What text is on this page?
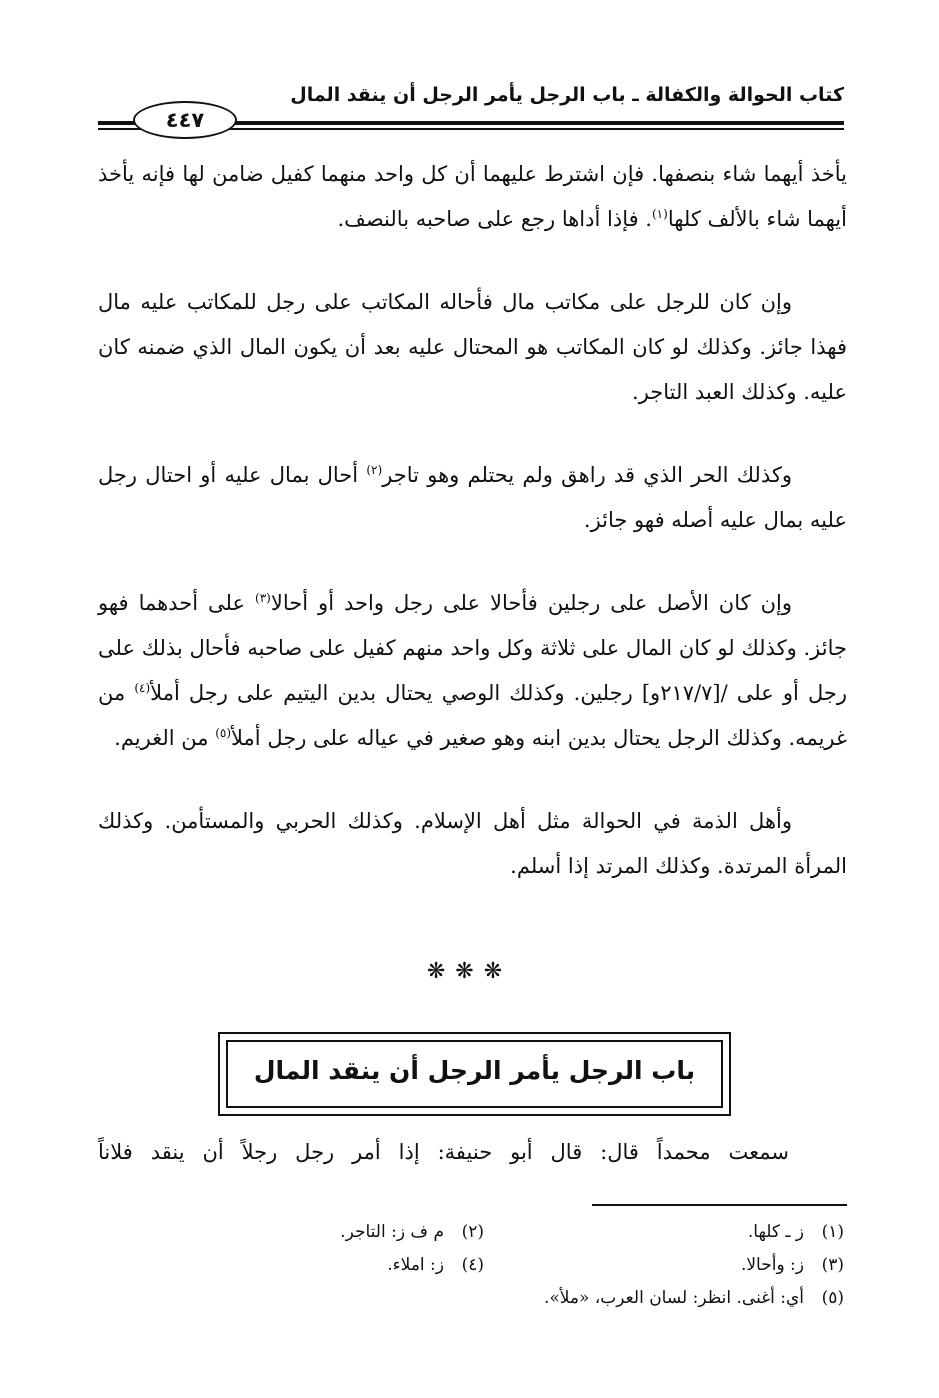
كتاب الحوالة والكفالة ـ باب الرجل يأمر الرجل أن ينقد المال
٤٤٧

يأخذ أيهما شاء بنصفها. فإن اشترط عليهما أن كل واحد منهما كفيل ضامن لها فإنه يأخذ أيهما شاء بالألف كلها$^{(١)}$. فإذا أداها رجع على صاحبه بالنصف.

وإن كان للرجل على مكاتب مال فأحاله المكاتب على رجل للمكاتب عليه مال فهذا جائز. وكذلك لو كان المكاتب هو المحتال عليه بعد أن يكون المال الذي ضمنه كان عليه. وكذلك العبد التاجر.

وكذلك الحر الذي قد راهق ولم يحتلم وهو تاجر$^{(٢)}$ أحال بمال عليه أو احتال رجل عليه بمال عليه أصله فهو جائز.

وإن كان الأصل على رجلين فأحالا على رجل واحد أو أحالا$^{(٣)}$ على أحدهما فهو جائز. وكذلك لو كان المال على ثلاثة وكل واحد منهم كفيل على صاحبه فأحال بذلك على رجل أو على /[٢١٧/٧و] رجلين. وكذلك الوصي يحتال بدين اليتيم على رجل أملأ$^{(٤)}$ من غريمه. وكذلك الرجل يحتال بدين ابنه وهو صغير في عياله على رجل أملأ$^{(٥)}$ من الغريم.

وأهل الذمة في الحوالة مثل أهل الإسلام. وكذلك الحربي والمستأمن. وكذلك المرأة المرتدة. وكذلك المرتد إذا أسلم.

❋❋❋
باب الرجل يأمر الرجل أن ينقد المال
سمعت محمداً قال: قال أبو حنيفة: إذا أمر رجل رجلاً أن ينقد فلاناً
(١)ز ـ كلها.
(٢)م ف ز: التاجر.
(٣)ز: وأحالا.
(٤)ز: املاء.
(٥)أي: أغنى. انظر: لسان العرب، «ملأ».
